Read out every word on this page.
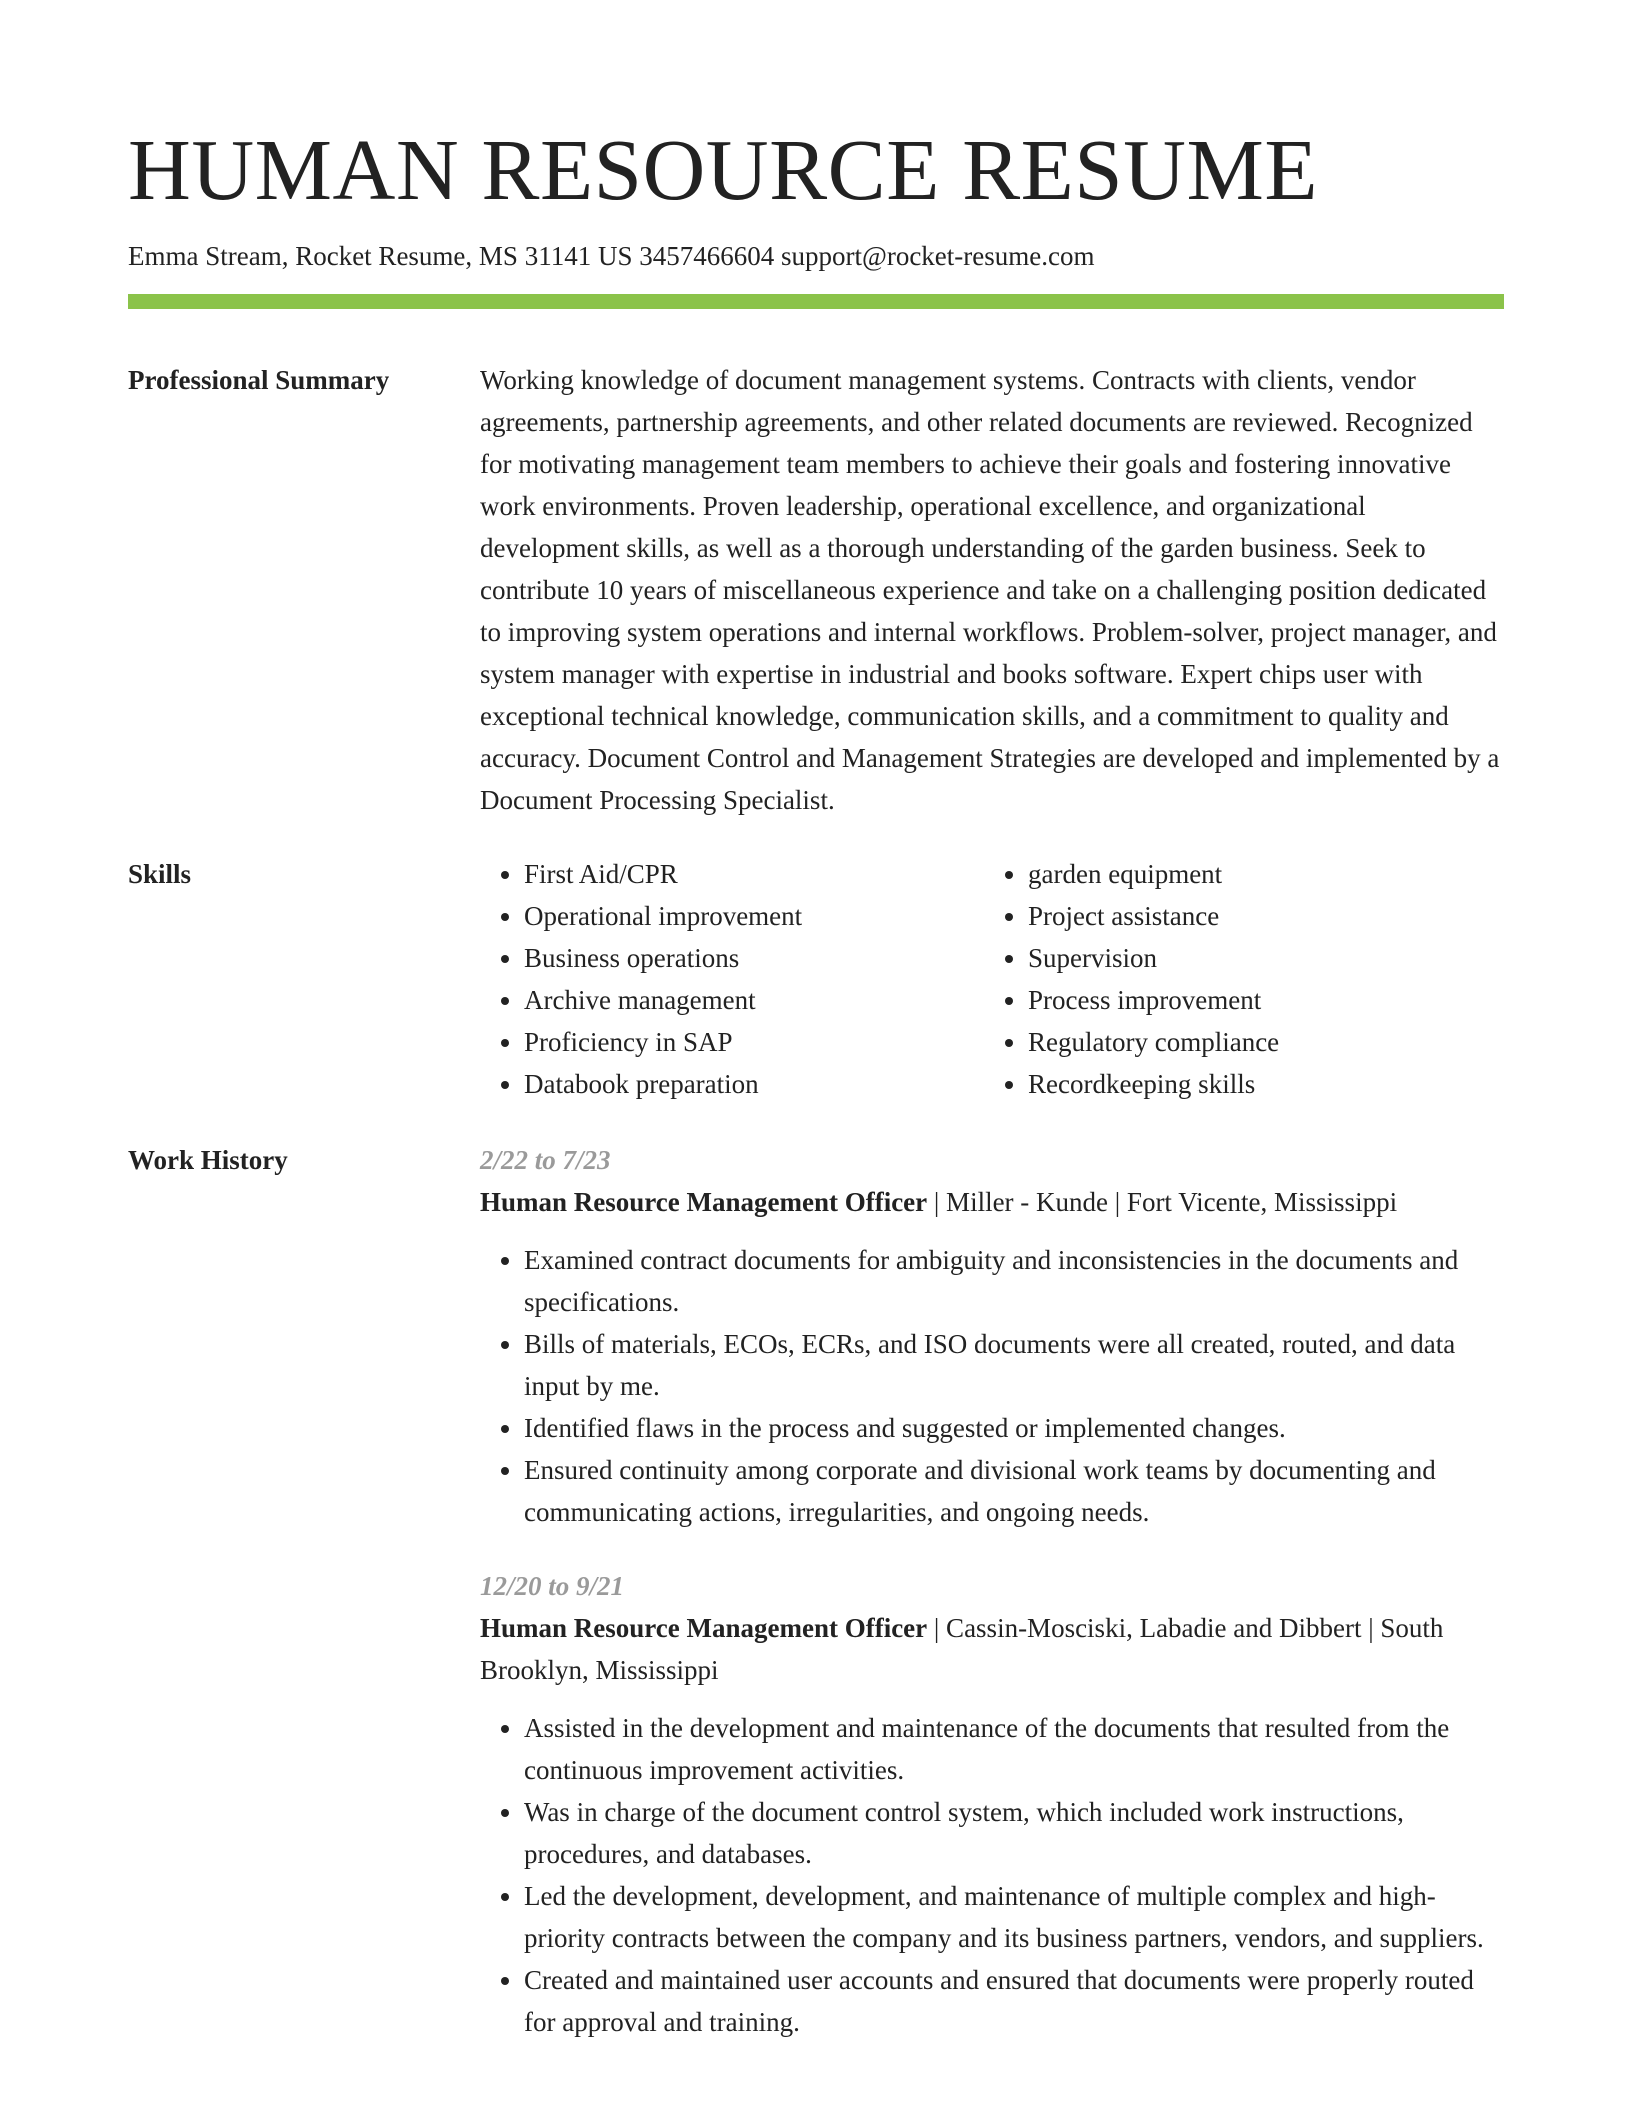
HUMAN RESOURCE RESUME
Emma Stream, Rocket Resume, MS 31141 US 3457466604 support@rocket-resume.com
Professional Summary	Working knowledge of document management systems. Contracts with clients, vendor agreements, partnership agreements, and other related documents are reviewed. Recognized for motivating management team members to achieve their goals and fostering innovative work environments. Proven leadership, operational excellence, and organizational development skills, as well as a thorough understanding of the garden business. Seek to contribute 10 years of miscellaneous experience and take on a challenging position dedicated to improving system operations and internal workflows. Problem-solver, project manager, and system manager with expertise in industrial and books software. Expert chips user with exceptional technical knowledge, communication skills, and a commitment to quality and accuracy. Document Control and Management Strategies are developed and implemented by a Document Processing Specialist.
Skills
•	First Aid/CPR
• Operational improvement
• Business operations
• Archive management
• Proficiency in SAP
• Databook preparation
• garden equipment
• Project assistance
• Supervision
• Process improvement
• Regulatory compliance
• Recordkeeping skills
Work History	2/22 to 7/23
Human Resource Management Officer | Miller - Kunde | Fort Vicente, Mississippi
• Examined contract documents for ambiguity and inconsistencies in the documents and specifications.
• Bills of materials, ECOs, ECRs, and ISO documents were all created, routed, and data input by me.
• Identified flaws in the process and suggested or implemented changes.
• Ensured continuity among corporate and divisional work teams by documenting and communicating actions, irregularities, and ongoing needs.
12/20 to 9/21
Human Resource Management Officer | Cassin-Mosciski, Labadie and Dibbert | South Brooklyn, Mississippi
• Assisted in the development and maintenance of the documents that resulted from the continuous improvement activities.
• Was in charge of the document control system, which included work instructions, procedures, and databases.
• Led the development, development, and maintenance of multiple complex and high-priority contracts between the company and its business partners, vendors, and suppliers.
• Created and maintained user accounts and ensured that documents were properly routed for approval and training.
